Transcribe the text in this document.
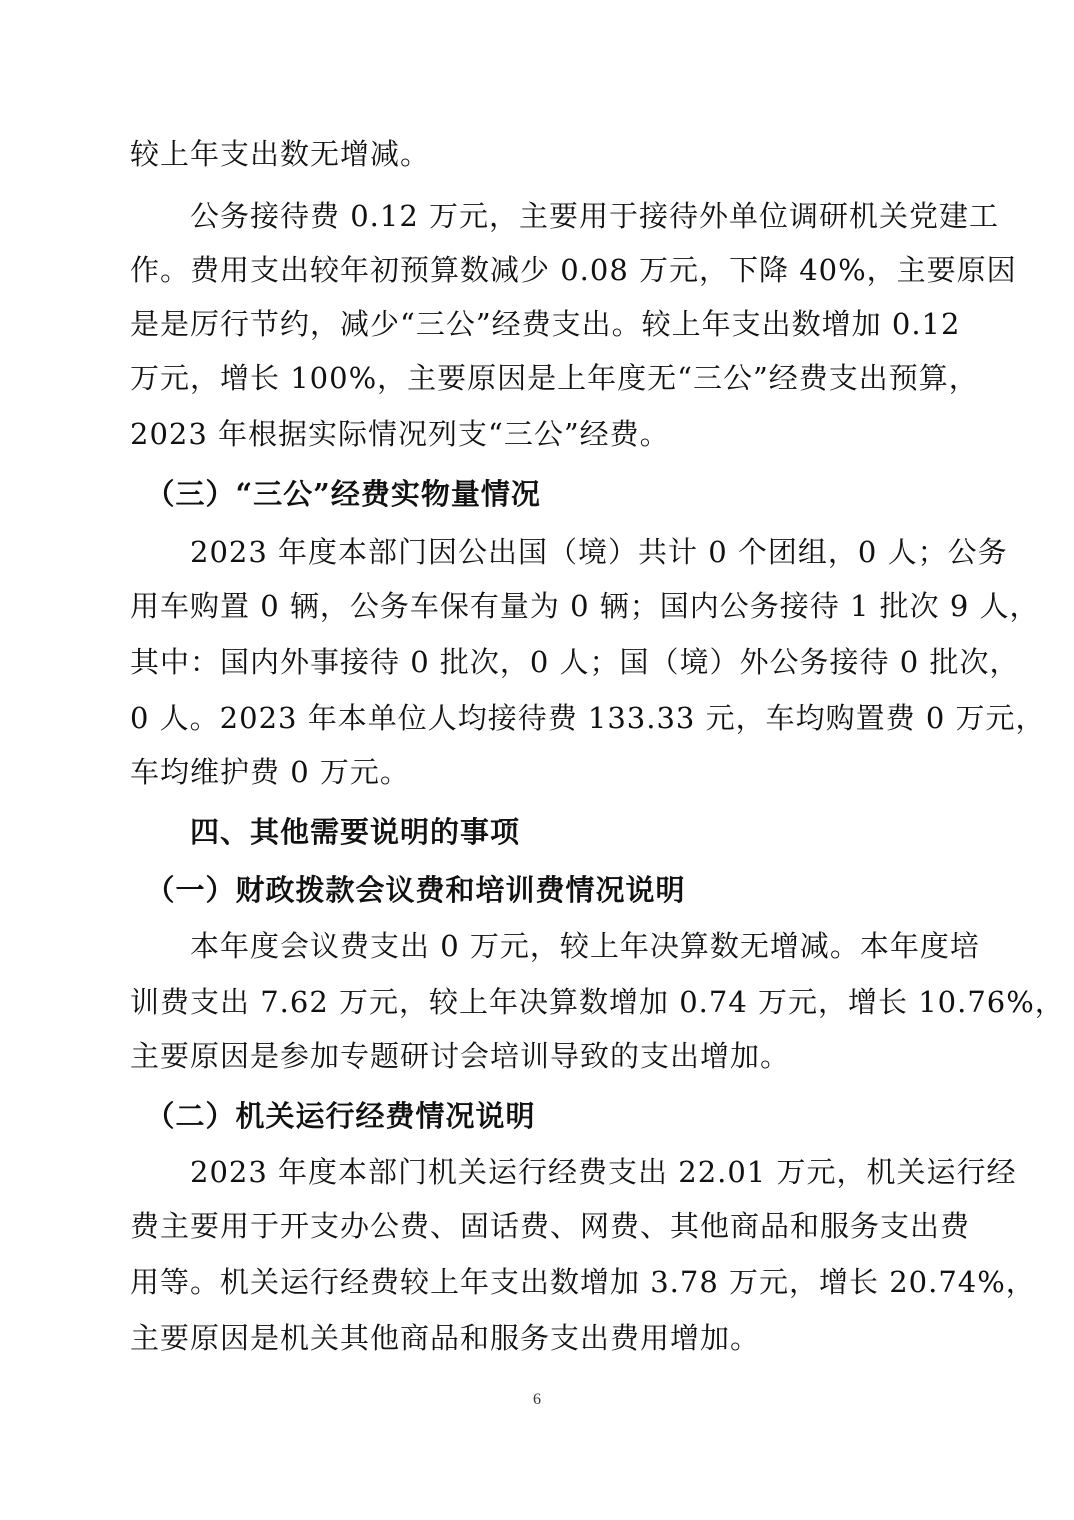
较上年支出数无增减。
　　公务接待费 0.12 万元，主要用于接待外单位调研机关党建工
作。费用支出较年初预算数减少 0.08 万元，下降 40%，主要原因
是是厉行节约，减少“三公”经费支出。较上年支出数增加 0.12
万元，增长 100%，主要原因是上年度无“三公”经费支出预算，
2023 年根据实际情况列支“三公”经费。
　（三）“三公”经费实物量情况
　　2023 年度本部门因公出国（境）共计 0 个团组，0 人；公务
用车购置 0 辆，公务车保有量为 0 辆；国内公务接待 1 批次 9 人，
其中：国内外事接待 0 批次，0 人；国（境）外公务接待 0 批次，
0 人。2023 年本单位人均接待费 133.33 元，车均购置费 0 万元，
车均维护费 0 万元。
　　四、其他需要说明的事项
　（一）财政拨款会议费和培训费情况说明
　　本年度会议费支出 0 万元，较上年决算数无增减。本年度培
训费支出 7.62 万元，较上年决算数增加 0.74 万元，增长 10.76%，
主要原因是参加专题研讨会培训导致的支出增加。
　（二）机关运行经费情况说明
　　2023 年度本部门机关运行经费支出 22.01 万元，机关运行经
费主要用于开支办公费、固话费、网费、其他商品和服务支出费
用等。机关运行经费较上年支出数增加 3.78 万元，增长 20.74%，
主要原因是机关其他商品和服务支出费用增加。
6
